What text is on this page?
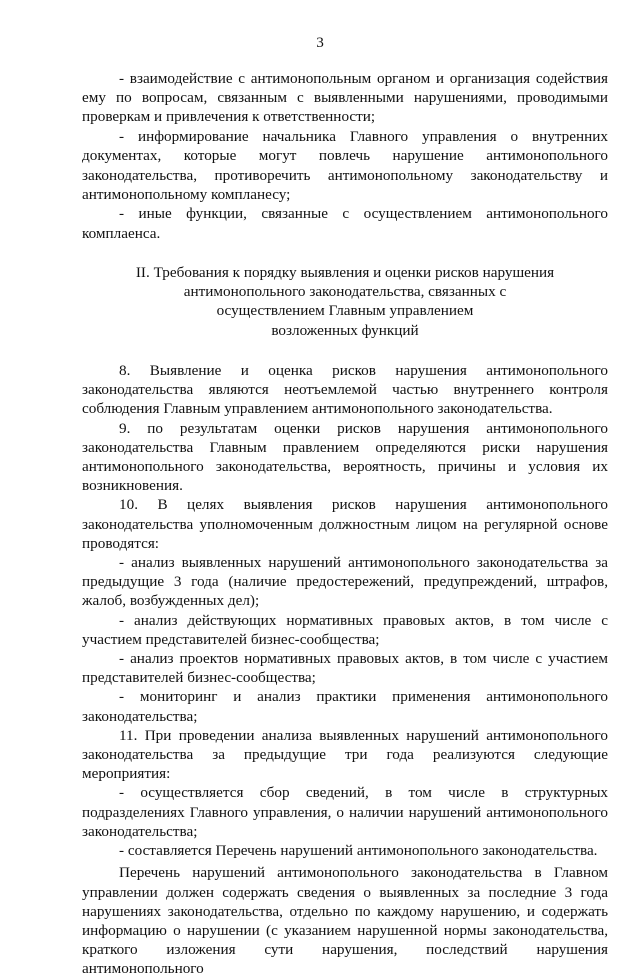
3

- взаимодействие с антимонопольным органом и организация содействия ему по вопросам, связанным с выявленными нарушениями, проводимыми проверкам и привлечения к ответственности;

- информирование начальника Главного управления о внутренних документах, которые могут повлечь нарушение антимонопольного законодательства, противоречить антимонопольному законодательству и антимонопольному компланесу;

- иные функции, связанные с осуществлением антимонопольного комплаенса.

II. Требования к порядку выявления и оценки рисков нарушения
антимонопольного законодательства, связанных с
осуществлением Главным управлением
возложенных функций

8. Выявление и оценка рисков нарушения антимонопольного законодательства являются неотъемлемой частью внутреннего контроля соблюдения Главным управлением антимонопольного законодательства.

9. по результатам оценки рисков нарушения антимонопольного законодательства Главным правлением определяются риски нарушения антимонопольного законодательства, вероятность, причины и условия их возникновения.

10. В целях выявления рисков нарушения антимонопольного законодательства уполномоченным должностным лицом на регулярной основе проводятся:

- анализ выявленных нарушений антимонопольного законодательства за предыдущие 3 года (наличие предостережений, предупреждений, штрафов, жалоб, возбужденных дел);

- анализ действующих нормативных правовых актов, в том числе с участием представителей бизнес-сообщества;

- анализ проектов нормативных правовых актов, в том числе с участием представителей бизнес-сообщества;

- мониторинг и анализ практики применения антимонопольного законодательства;

11. При проведении анализа выявленных нарушений антимонопольного законодательства за предыдущие три года реализуются следующие мероприятия:

- осуществляется сбор сведений, в том числе в структурных подразделениях Главного управления, о наличии нарушений антимонопольного законодательства;

- составляется Перечень нарушений антимонопольного законодательства.

Перечень нарушений антимонопольного законодательства в Главном управлении должен содержать сведения о выявленных за последние 3 года нарушениях законодательства, отдельно по каждому нарушению, и содержать информацию о нарушении (с указанием нарушенной нормы законодательства, краткого изложения сути нарушения, последствий нарушения антимонопольного
